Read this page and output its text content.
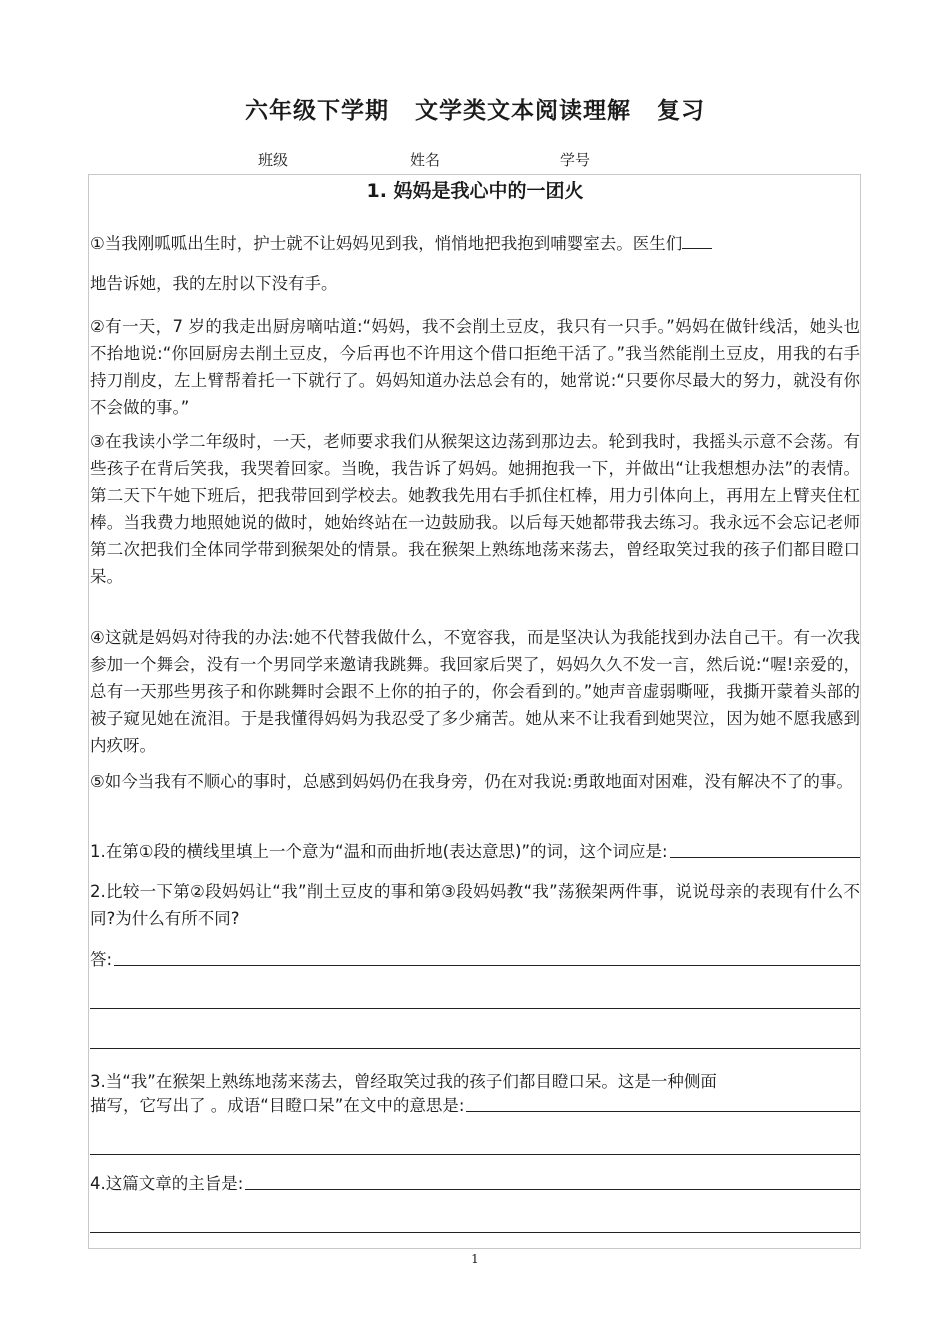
六年级下学期 文学类文本阅读理解 复习
班级	姓名	学号
1. 妈妈是我心中的一团火
①当我刚呱呱出生时，护士就不让妈妈见到我，悄悄地把我抱到哺婴室去。医生们
地告诉她，我的左肘以下没有手。
②有一天，7 岁的我走出厨房嘀咕道:“妈妈，我不会削土豆皮，我只有一只手。”妈妈在做针线活，她头也不抬地说:“你回厨房去削土豆皮，今后再也不许用这个借口拒绝干活了。”我当然能削土豆皮，用我的右手持刀削皮，左上臂帮着托一下就行了。妈妈知道办法总会有的，她常说:“只要你尽最大的努力，就没有你不会做的事。”
③在我读小学二年级时，一天，老师要求我们从猴架这边荡到那边去。轮到我时，我摇头示意不会荡。有些孩子在背后笑我，我哭着回家。当晚，我告诉了妈妈。她拥抱我一下，并做出“让我想想办法”的表情。第二天下午她下班后，把我带回到学校去。她教我先用右手抓住杠棒，用力引体向上，再用左上臂夹住杠棒。当我费力地照她说的做时，她始终站在一边鼓励我。以后每天她都带我去练习。我永远不会忘记老师第二次把我们全体同学带到猴架处的情景。我在猴架上熟练地荡来荡去，曾经取笑过我的孩子们都目瞪口呆。
④这就是妈妈对待我的办法:她不代替我做什么，不宽容我，而是坚决认为我能找到办法自己干。有一次我参加一个舞会，没有一个男同学来邀请我跳舞。我回家后哭了，妈妈久久不发一言，然后说:“喔!亲爱的，总有一天那些男孩子和你跳舞时会跟不上你的拍子的，你会看到的。”她声音虚弱嘶哑，我撕开蒙着头部的被子窥见她在流泪。于是我懂得妈妈为我忍受了多少痛苦。她从来不让我看到她哭泣，因为她不愿我感到内疚呀。
⑤如今当我有不顺心的事时，总感到妈妈仍在我身旁，仍在对我说:勇敢地面对困难，没有解决不了的事。
1.在第①段的横线里填上一个意为“温和而曲折地(表达意思)”的词，这个词应是:
2.比较一下第②段妈妈让“我”削土豆皮的事和第③段妈妈教“我”荡猴架两件事，说说母亲的表现有什么不同?为什么有所不同?
答:
3.当“我”在猴架上熟练地荡来荡去，曾经取笑过我的孩子们都目瞪口呆。这是一种侧面
描写，它写出了 。成语“目瞪口呆”在文中的意思是:
4.这篇文章的主旨是:
1
